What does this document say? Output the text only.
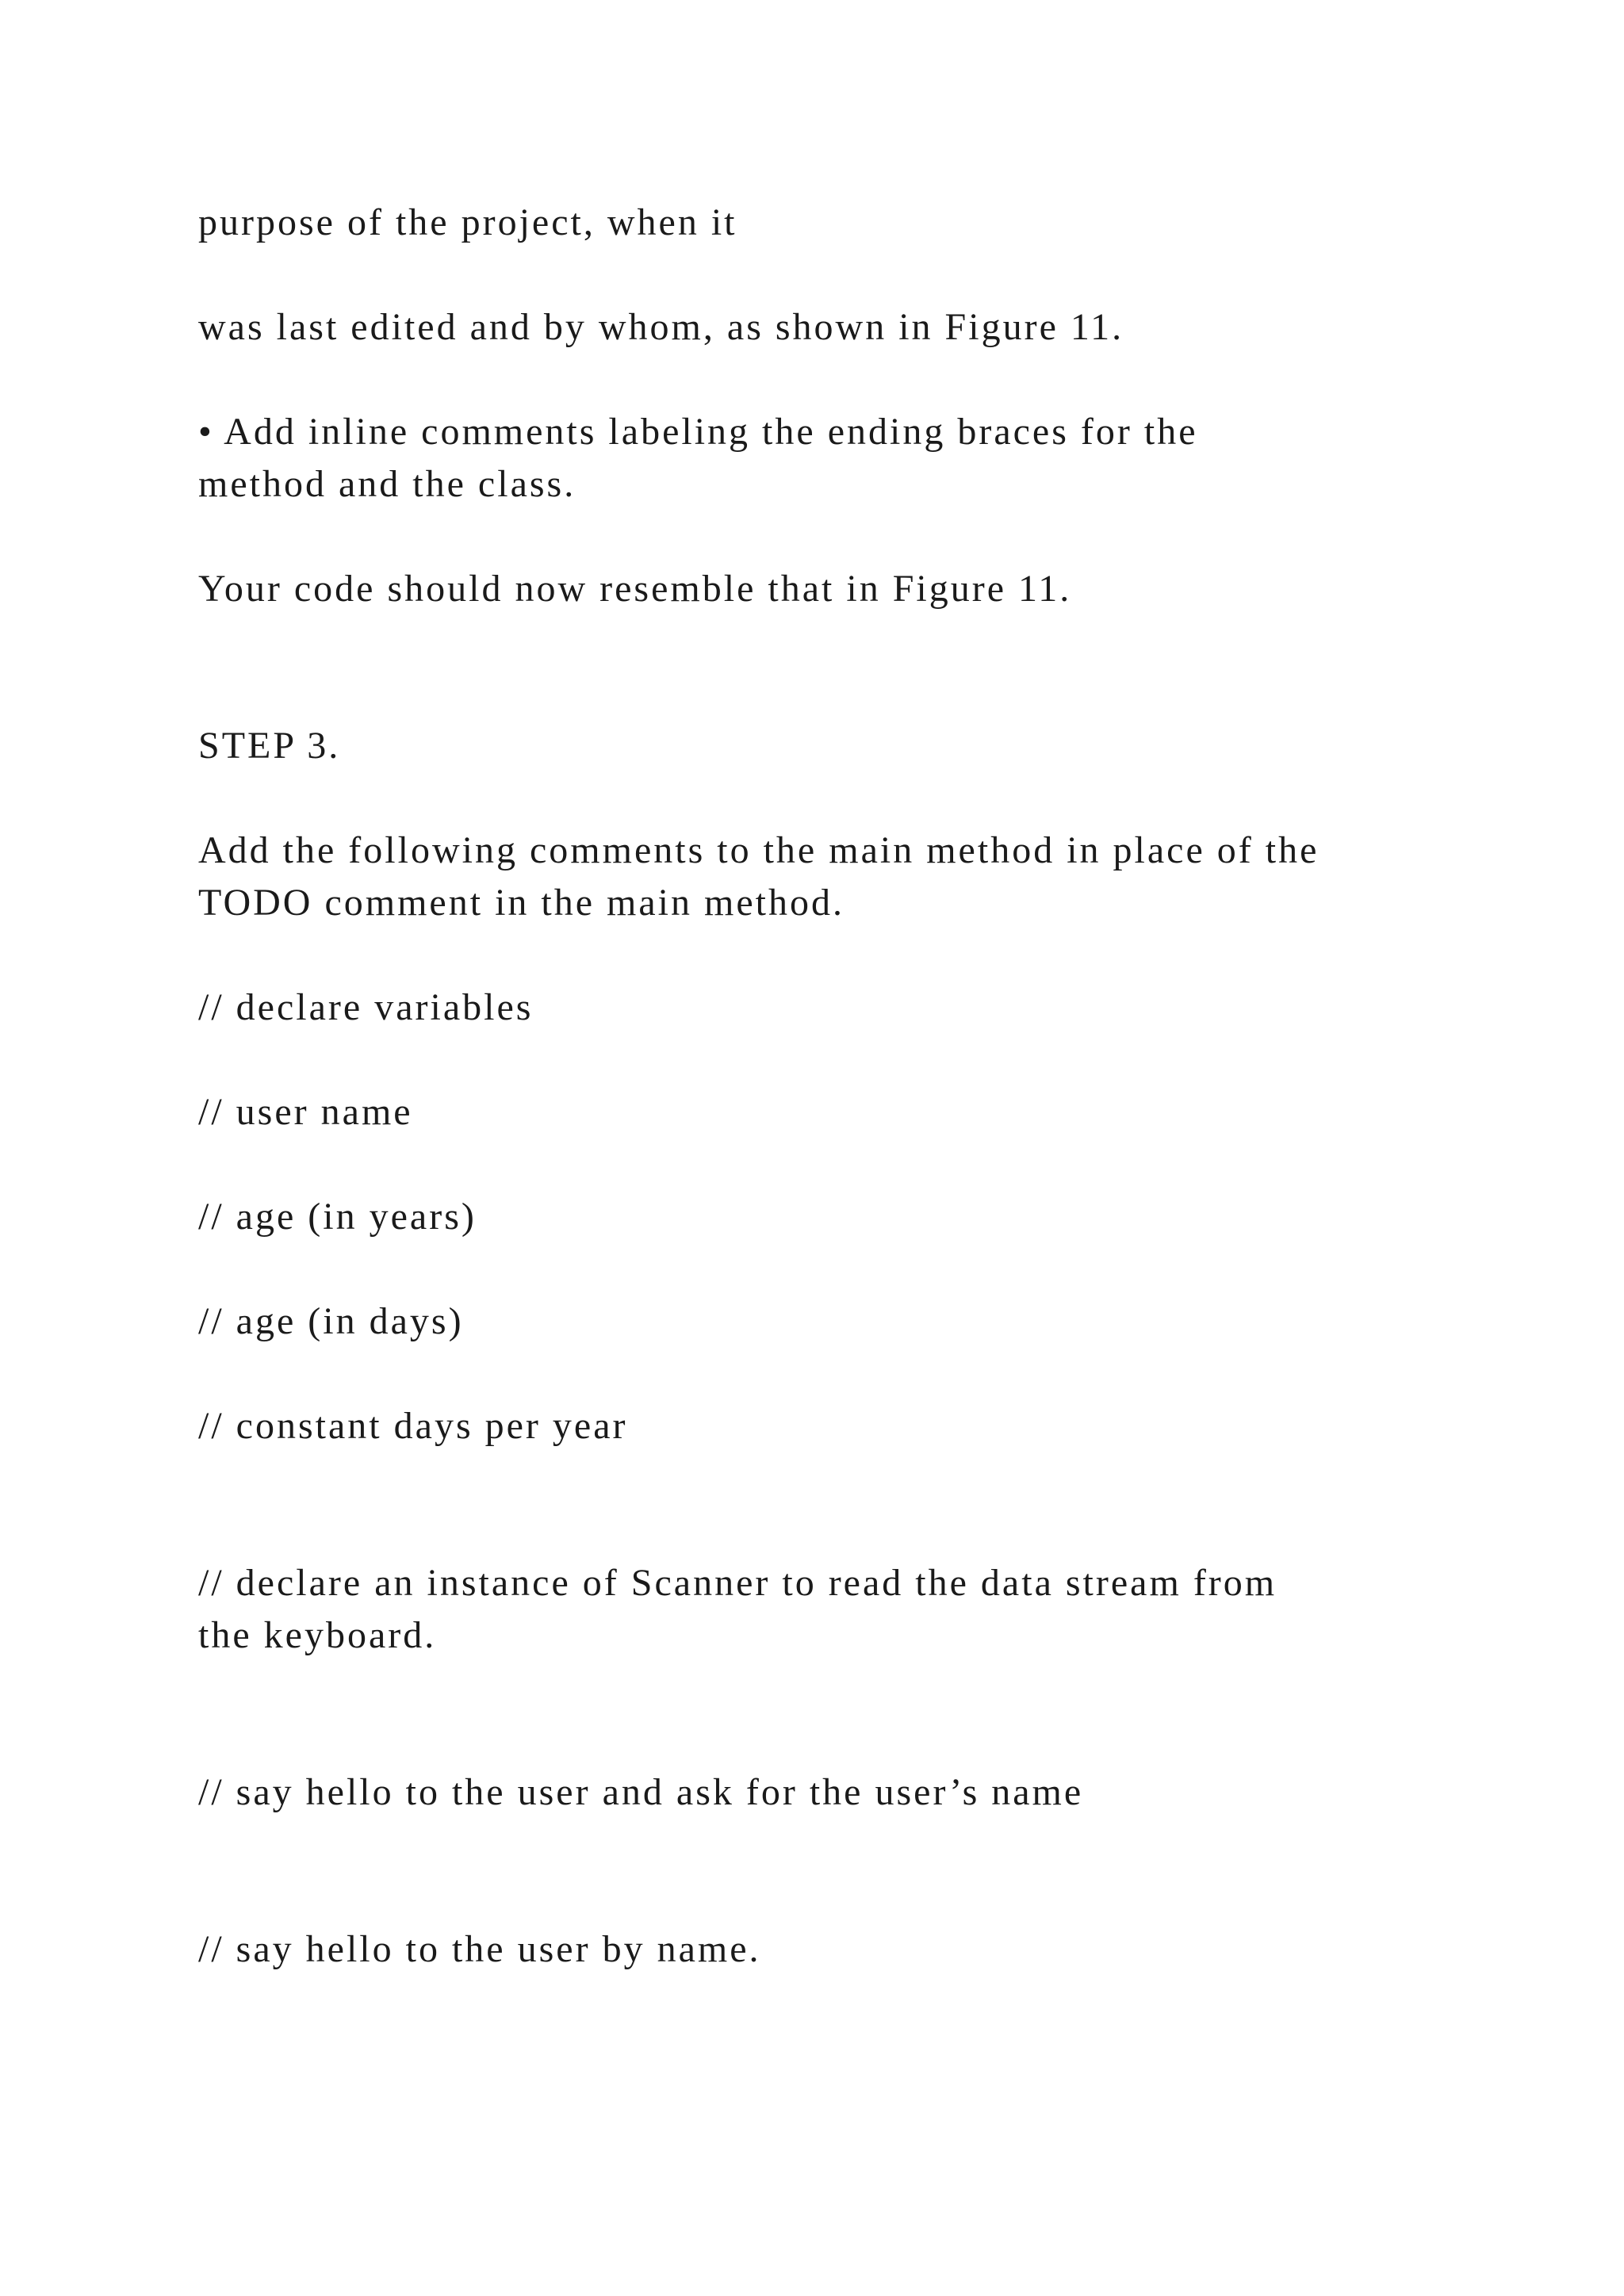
purpose of the project, when it
was last edited and by whom, as shown in Figure 11.
• Add inline comments labeling the ending braces for the
method and the class.
Your code should now resemble that in Figure 11.
STEP 3.
Add the following comments to the main method in place of the
TODO comment in the main method.
// declare variables
// user name
// age (in years)
// age (in days)
// constant days per year
// declare an instance of Scanner to read the data stream from
the keyboard.
// say hello to the user and ask for the user’s name
// say hello to the user by name.
